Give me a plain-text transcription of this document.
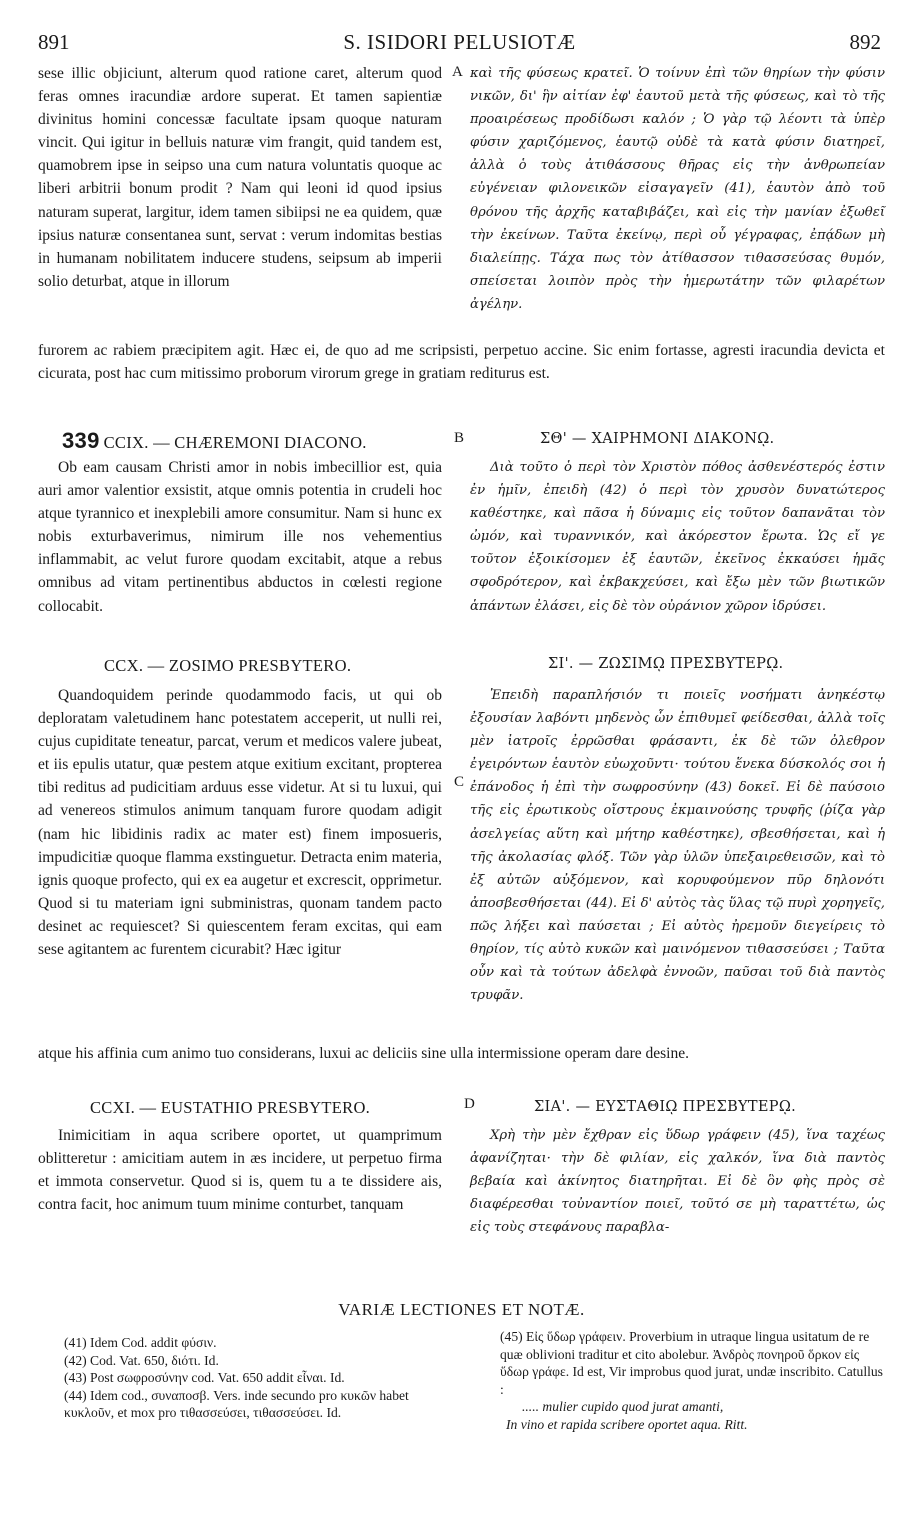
891	S. ISIDORI PELUSIOTÆ	892

sese illic objiciunt, alterum quod ratione caret, alterum quod feras omnes iracundiæ ardore superat. Et tamen sapientiæ divinitus homini concessæ facultate ipsam quoque naturam vincit. Qui igitur in belluis naturæ vim frangit, quid tandem est, quamobrem ipse in seipso una cum natura voluntatis quoque ac liberi arbitrii bonum prodit ? Nam qui leoni id quod ipsius naturam superat, largitur, idem tamen sibiipsi ne ea quidem, quæ ipsius naturæ consentanea sunt, servat : verum indomitas bestias in humanam nobilitatem inducere studens, seipsum ab imperii solio deturbat, atque in illorum

A καὶ τῆς φύσεως κρατεῖ. Ὁ τοίνυν ἐπὶ τῶν θηρίων τὴν φύσιν νικῶν, δι' ἣν αἰτίαν ἐφ' ἑαυτοῦ μετὰ τῆς φύσεως, καὶ τὸ τῆς προαιρέσεως προδίδωσι καλόν ; Ὁ γὰρ τῷ λέοντι τὰ ὑπὲρ φύσιν χαριζόμενος, ἑαυτῷ οὐδὲ τὰ κατὰ φύσιν διατηρεῖ, ἀλλὰ ὁ τοὺς ἀτιθάσσους θῆρας εἰς τὴν ἀνθρωπείαν εὐγένειαν φιλονεικῶν εἰσαγαγεῖν (41), ἑαυτὸν ἀπὸ τοῦ θρόνου τῆς ἀρχῆς καταβιβάζει, καὶ εἰς τὴν μανίαν ἐξωθεῖ τὴν ἐκείνων. Ταῦτα ἐκείνῳ, περὶ οὗ γέγραφας, ἐπᾴδων μὴ διαλείπῃς. Τάχα πως τὸν ἀτίθασσον τιθασσεύσας θυμόν, σπείσεται λοιπὸν πρὸς τὴν ἡμερωτάτην τῶν φιλαρέτων ἀγέλην.

furorem ac rabiem præcipitem agit. Hæc ei, de quo ad me scripsisti, perpetuo accine. Sic enim fortasse, agresti iracundia devicta et cicurata, post hac cum mitissimo proborum virorum grege in gratiam rediturus est.

339 CCIX. — CHÆREMONI DIACONO.	B	ΣΘ' — ΧΑΙΡΗΜΟΝΙ ΔΙΑΚΟΝῼ.

Ob eam causam Christi amor in nobis imbecillior est, quia auri amor valentior exsistit, atque omnis potentia in crudeli hoc atque tyrannico et inexplebili amore consumitur. Nam si hunc ex nobis exturbaverimus, nimirum ille nos vehementius inflammabit, ac velut furore quodam excitabit, atque a rebus omnibus ad vitam pertinentibus abductos in cœlesti regione collocabit.

Διὰ τοῦτο ὁ περὶ τὸν Χριστὸν πόθος ἀσθενέστερός ἐστιν ἐν ἡμῖν, ἐπειδὴ (42) ὁ περὶ τὸν χρυσὸν δυνατώτερος καθέστηκε, καὶ πᾶσα ἡ δύναμις εἰς τοῦτον δαπανᾶται τὸν ὠμόν, καὶ τυραννικόν, καὶ ἀκόρεστον ἔρωτα. Ὡς εἴ γε τοῦτον ἐξοικίσομεν ἐξ ἑαυτῶν, ἐκεῖνος ἐκκαύσει ἡμᾶς σφοδρότερον, καὶ ἐκβακχεύσει, καὶ ἔξω μὲν τῶν βιωτικῶν ἁπάντων ἐλάσει, εἰς δὲ τὸν οὐράνιον χῶρον ἱδρύσει.

CCX. — ZOSIMO PRESBYTERO.	ΣΙ'. — ΖΩΣΙΜῼ ΠΡΕΣΒΥΤΕΡῼ.

Quandoquidem perinde quodammodo facis, ut qui ob deploratam valetudinem hanc potestatem acceperit, ut nulli rei, cujus cupiditate teneatur, parcat, verum et medicos valere jubeat, et iis epulis utatur, quæ pestem atque exitium excitant, proptereа tibi reditus ad pudicitiam arduus esse videtur. At si tu luxui, qui ad venereos stimulos animum tanquam furore quodam adigit (nam hic libidinis radix ac mater est) finem imposueris, impudicitiæ quoque flamma exstinguetur. Detracta enim materia, ignis quoque profecto, qui ex ea augetur et excrescit, opprimetur. Quod si tu materiam igni subministras, quonam tandem pacto desinet ac requiescet? Si quiescentem feram excitas, qui eam sese agitantem ac furentem cicurabit? Hæc igitur

C

Ἐπειδὴ παραπλήσιόν τι ποιεῖς νοσήματι ἀνηκέστῳ ἐξουσίαν λαβόντι μηδενὸς ὧν ἐπιθυμεῖ φείδεσθαι, ἀλλὰ τοῖς μὲν ἰατροῖς ἐρρῶσθαι φράσαντι, ἐκ δὲ τῶν ὀλεθρον ἐγειρόντων ἑαυτὸν εὐωχοῦντι· τούτου ἕνεκα δύσκολός σοι ἡ ἐπάνοδος ἡ ἐπὶ τὴν σωφροσύνην (43) δοκεῖ. Εἰ δὲ παύσοιο τῆς εἰς ἐρωτικοὺς οἴστρους ἐκμαινούσης τρυφῆς (ῥίζα γὰρ ἀσελγείας αὕτη καὶ μήτηρ καθέστηκε), σβεσθήσεται, καὶ ἡ τῆς ἀκολασίας φλόξ. Τῶν γὰρ ὑλῶν ὑπεξαιρεθεισῶν, καὶ τὸ ἐξ αὐτῶν αὐξόμενον, καὶ κορυφούμενον πῦρ δηλονότι ἀποσβεσθήσεται (44). Εἰ δ' αὐτὸς τὰς ὕλας τῷ πυρὶ χορηγεῖς, πῶς λήξει καὶ παύσεται ; Εἰ αὐτὸς ἠρεμοῦν διεγείρεις τὸ θηρίον, τίς αὐτὸ κυκῶν καὶ μαινόμενον τιθασσεύσει ; Ταῦτα οὖν καὶ τὰ τούτων ἀδελφὰ ἐννοῶν, παῦσαι τοῦ διὰ παντὸς τρυφᾶν.

atque his affinia cum animo tuo considerans, luxui ac deliciis sine ulla intermissione operam dare desine.

CCXI. — EUSTATHIO PRESBYTERO.	D	ΣΙΑ'. — ΕΥΣΤΑΘΙῼ ΠΡΕΣΒΥΤΕΡῼ.

Inimicitiam in aqua scribere oportet, ut quamprimum oblitteretur : amicitiam autem in æs incidere, ut perpetuo firma et immota conservetur. Quod si is, quem tu a te dissidere ais, contra facit, hoc animum tuum minime conturbet, tanquam

Χρὴ τὴν μὲν ἔχθραν εἰς ὕδωρ γράφειν (45), ἵνα ταχέως ἀφανίζηται· τὴν δὲ φιλίαν, εἰς χαλκόν, ἵνα διὰ παντὸς βεβαία καὶ ἀκίνητος διατηρῆται. Εἰ δὲ ὃν φὴς πρὸς σὲ διαφέρεσθαι τοὐναντίον ποιεῖ, τοῦτό σε μὴ ταραττέτω, ὡς εἰς τοὺς στεφάνους παραβλα-

VARIÆ LECTIONES ET NOTÆ.

(41) Idem Cod. addit φύσιν.

(42) Cod. Vat. 650, διότι. Id.

(43) Post σωφροσύνην cod. Vat. 650 addit εἶναι. Id.

(44) Idem cod., συναποσβ. Vers. inde secundo pro κυκῶν habet κυκλοῦν, et mox pro τιθασσεύσει, τιθασσεύσει. Id.

(45) Εἰς ὕδωρ γράφειν. Proverbium in utraque lingua usitatum de re quæ oblivioni traditur et cito abolebur. Ἀνδρὸς πονηροῦ ὅρκον εἰς ὕδωρ γράφε. Id est, Vir improbus quod jurat, undæ inscribito. Catullus :

..... mulier cupido quod jurat amanti,

In vino et rapida scribere oportet aqua. Ritt.
